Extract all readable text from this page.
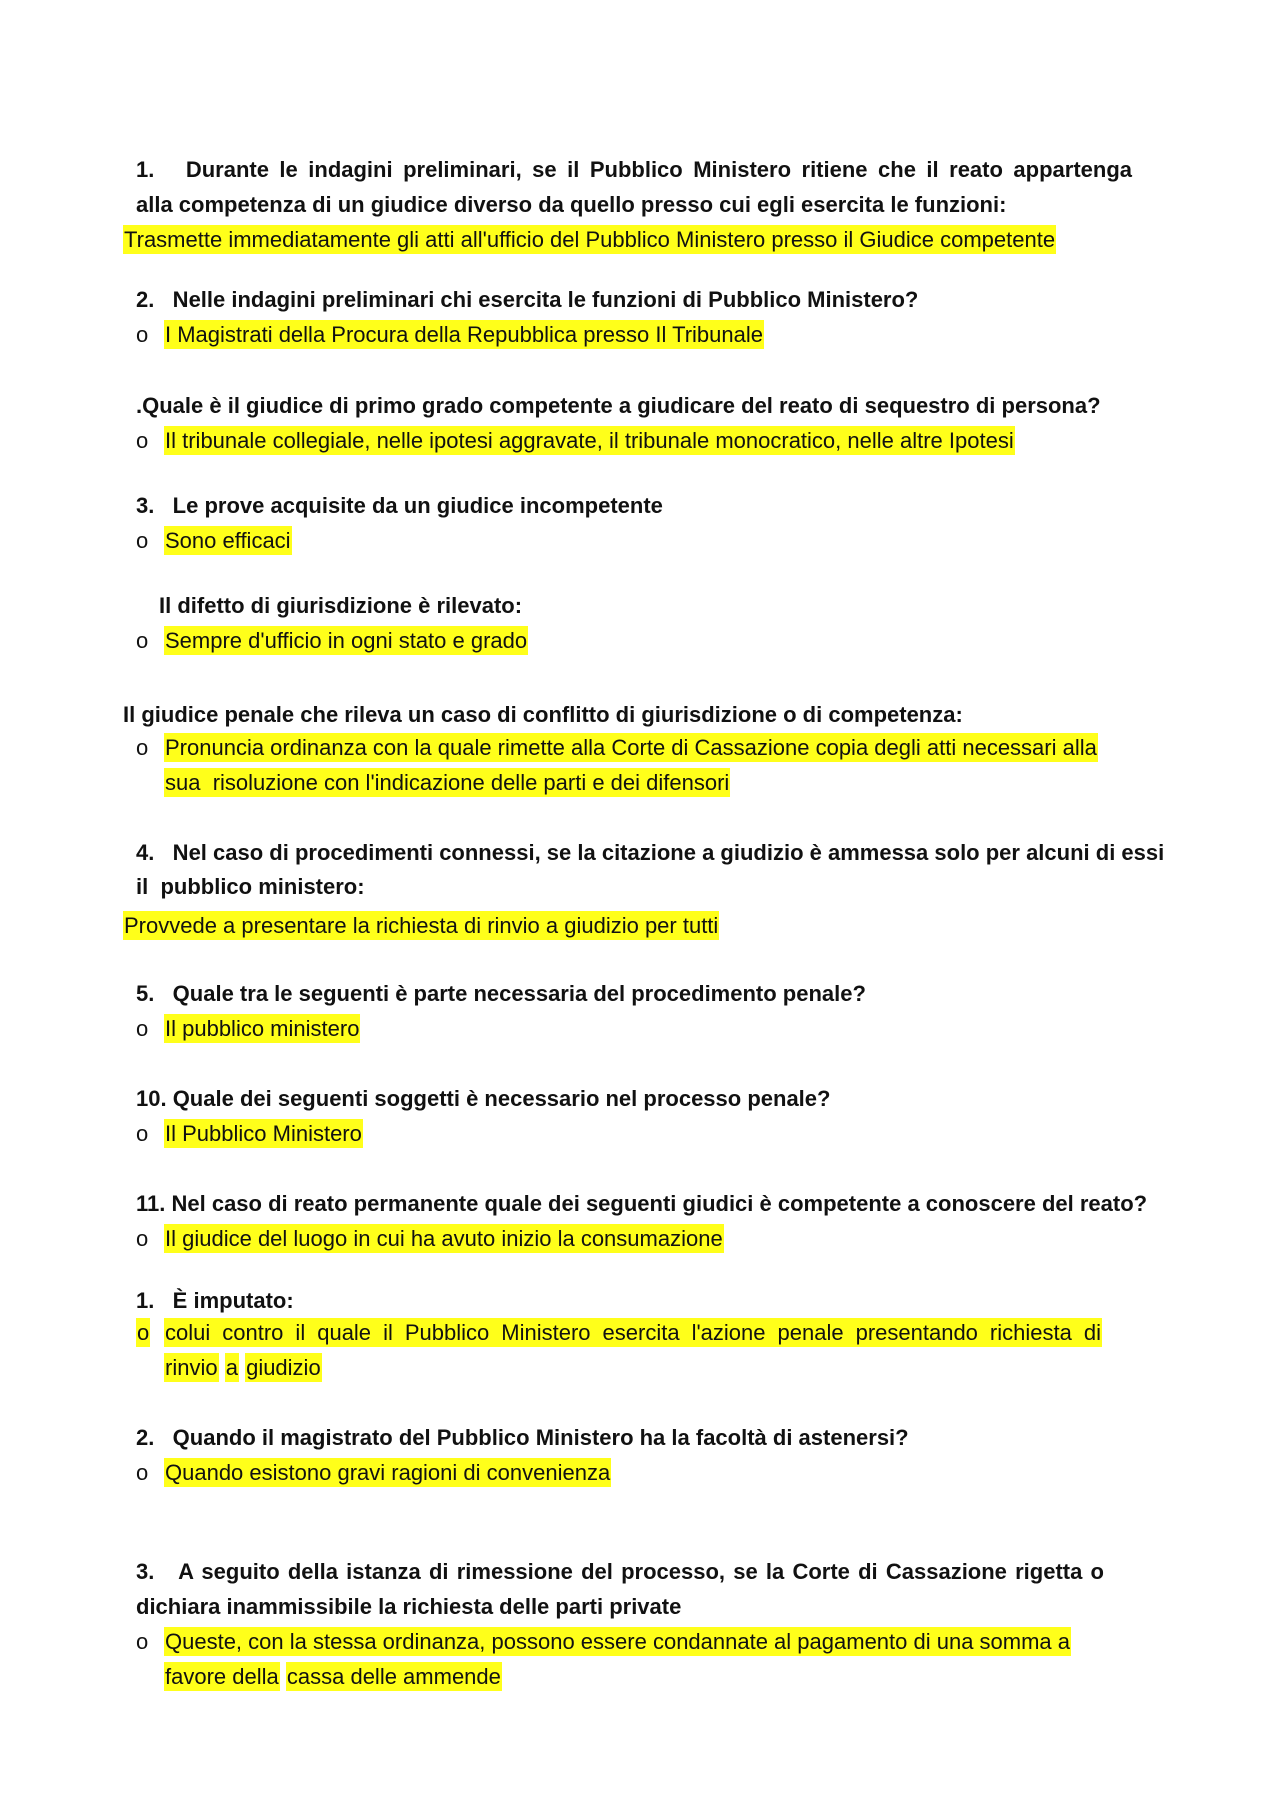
1.   Durante le indagini preliminari, se il Pubblico Ministero ritiene che il reato appartenga
alla competenza di un giudice diverso da quello presso cui egli esercita le funzioni:
Trasmette immediatamente gli atti all'ufficio del Pubblico Ministero presso il Giudice competente
2.   Nelle indagini preliminari chi esercita le funzioni di Pubblico Ministero?
o I Magistrati della Procura della Repubblica presso Il Tribunale
.Quale è il giudice di primo grado competente a giudicare del reato di sequestro di persona?
o Il tribunale collegiale, nelle ipotesi aggravate, il tribunale monocratico, nelle altre Ipotesi
3.   Le prove acquisite da un giudice incompetente
o Sono efficaci
Il difetto di giurisdizione è rilevato:
o Sempre d'ufficio in ogni stato e grado
Il giudice penale che rileva un caso di conflitto di giurisdizione o di competenza:
o Pronuncia ordinanza con la quale rimette alla Corte di Cassazione copia degli atti necessari alla
sua  risoluzione con l'indicazione delle parti e dei difensori
4.   Nel caso di procedimenti connessi, se la citazione a giudizio è ammessa solo per alcuni di essi
il  pubblico ministero:
Provvede a presentare la richiesta di rinvio a giudizio per tutti
5.   Quale tra le seguenti è parte necessaria del procedimento penale?
o Il pubblico ministero
10. Quale dei seguenti soggetti è necessario nel processo penale?
o Il Pubblico Ministero
11. Nel caso di reato permanente quale dei seguenti giudici è competente a conoscere del reato?
o Il giudice del luogo in cui ha avuto inizio la consumazione
1.   È imputato:
o colui contro il quale il Pubblico Ministero esercita l'azione penale presentando richiesta di
rinvio a giudizio
2.   Quando il magistrato del Pubblico Ministero ha la facoltà di astenersi?
o Quando esistono gravi ragioni di convenienza
3.   A seguito della istanza di rimessione del processo, se la Corte di Cassazione rigetta o
dichiara inammissibile la richiesta delle parti private
o Queste, con la stessa ordinanza, possono essere condannate al pagamento di una somma a
favore della cassa delle ammende
